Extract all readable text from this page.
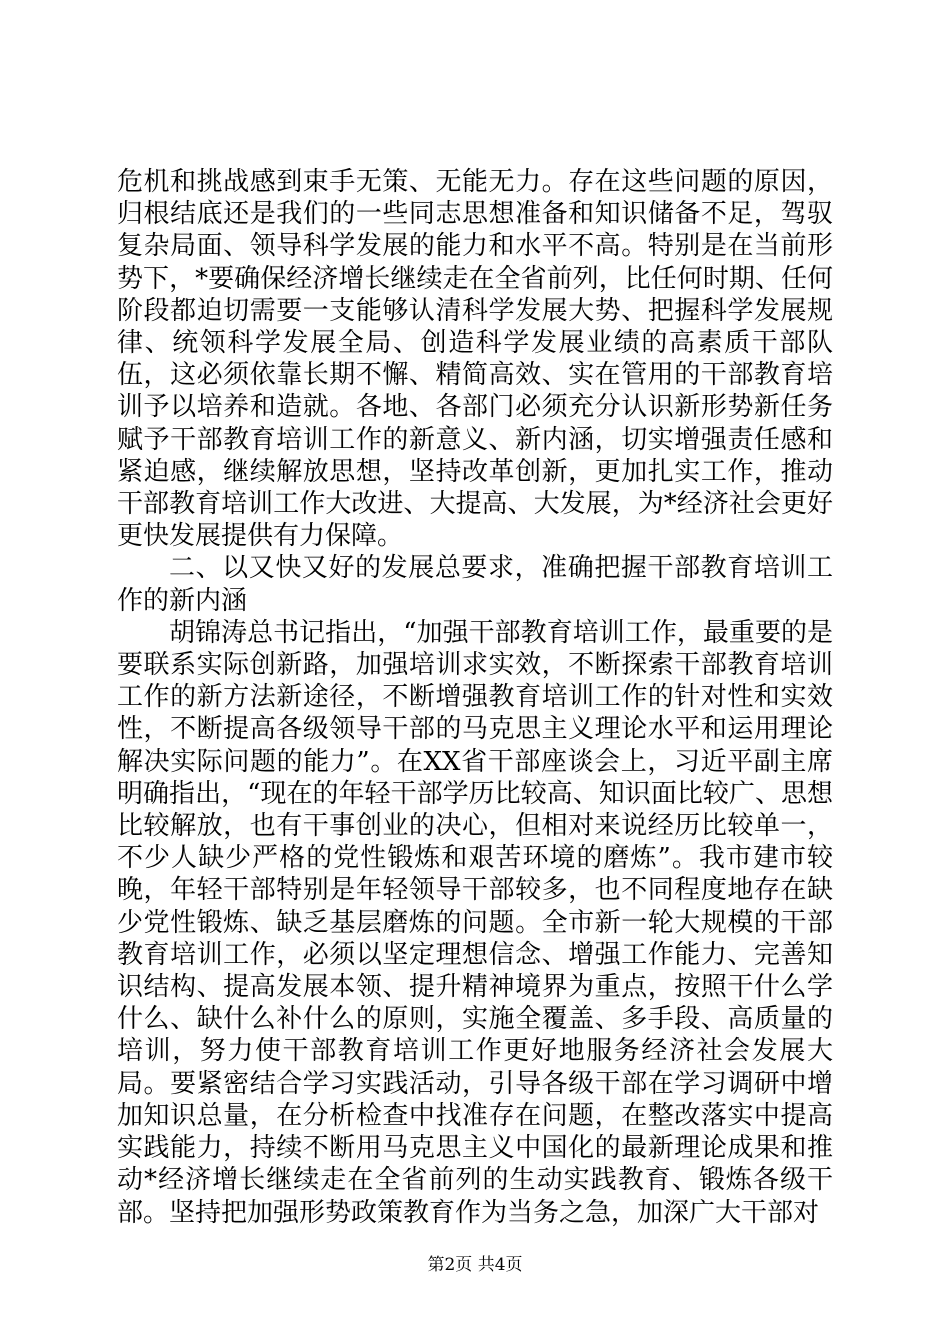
危机和挑战感到束手无策、无能无力。存在这些问题的原因，归根结底还是我们的一些同志思想准备和知识储备不足，驾驭复杂局面、领导科学发展的能力和水平不高。特别是在当前形势下，*要确保经济增长继续走在全省前列，比任何时期、任何阶段都迫切需要一支能够认清科学发展大势、把握科学发展规律、统领科学发展全局、创造科学发展业绩的高素质干部队伍，这必须依靠长期不懈、精简高效、实在管用的干部教育培训予以培养和造就。各地、各部门必须充分认识新形势新任务赋予干部教育培训工作的新意义、新内涵，切实增强责任感和紧迫感，继续解放思想，坚持改革创新，更加扎实工作，推动干部教育培训工作大改进、大提高、大发展，为*经济社会更好更快发展提供有力保障。

二、以又快又好的发展总要求，准确把握干部教育培训工作的新内涵

胡锦涛总书记指出，“加强干部教育培训工作，最重要的是要联系实际创新路，加强培训求实效，不断探索干部教育培训工作的新方法新途径，不断增强教育培训工作的针对性和实效性，不断提高各级领导干部的马克思主义理论水平和运用理论解决实际问题的能力”。在XX省干部座谈会上，习近平副主席明确指出，“现在的年轻干部学历比较高、知识面比较广、思想比较解放，也有干事创业的决心，但相对来说经历比较单一，不少人缺少严格的党性锻炼和艰苦环境的磨炼”。我市建市较晚，年轻干部特别是年轻领导干部较多，也不同程度地存在缺少党性锻炼、缺乏基层磨炼的问题。全市新一轮大规模的干部教育培训工作，必须以坚定理想信念、增强工作能力、完善知识结构、提高发展本领、提升精神境界为重点，按照干什么学什么、缺什么补什么的原则，实施全覆盖、多手段、高质量的培训，努力使干部教育培训工作更好地服务经济社会发展大局。要紧密结合学习实践活动，引导各级干部在学习调研中增加知识总量，在分析检查中找准存在问题，在整改落实中提高实践能力，持续不断用马克思主义中国化的最新理论成果和推动*经济增长继续走在全省前列的生动实践教育、锻炼各级干部。坚持把加强形势政策教育作为当务之急，加深广大干部对

第2页 共4页
